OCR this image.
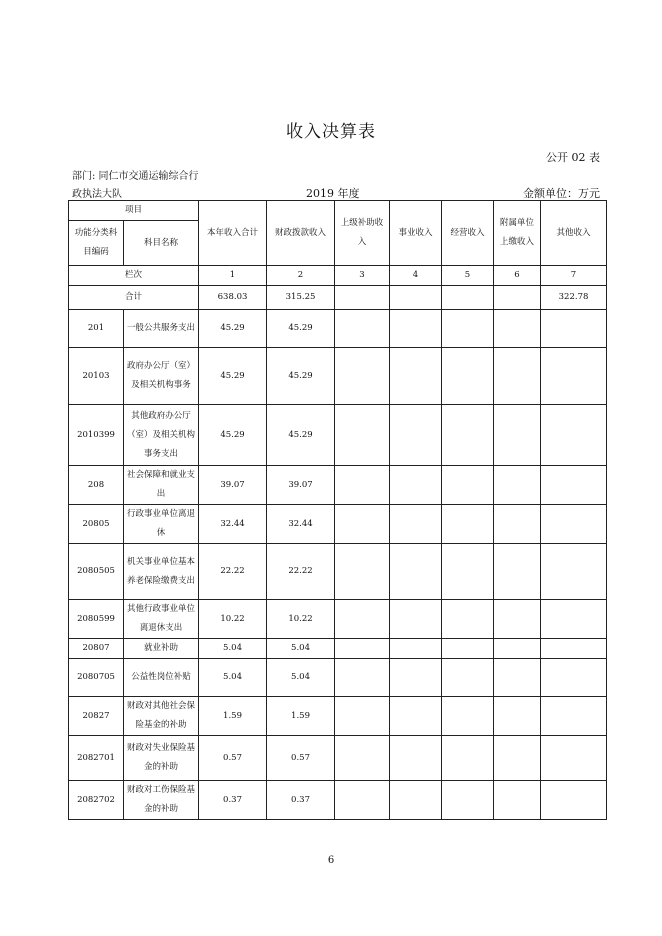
收入决算表
公开 02 表
部门: 同仁市交通运输综合行
政执法大队	2019 年度	金额单位：万元
项目		本年收入合计	财政拨款收入	上级补助收入	事业收入	经营收入	附属单位上缴收入	其他收入
功能分类科目编码	科目名称							
栏次		1	2	3	4	5	6	7
合计		638.03	315.25					322.78
201	一般公共服务支出	45.29	45.29					
20103	政府办公厅（室）及相关机构事务	45.29	45.29					
2010399	其他政府办公厅（室）及相关机构事务支出	45.29	45.29					
208	社会保障和就业支出	39.07	39.07					
20805	行政事业单位离退休	32.44	32.44					
2080505	机关事业单位基本养老保险缴费支出	22.22	22.22					
2080599	其他行政事业单位离退休支出	10.22	10.22					
20807	就业补助	5.04	5.04					
2080705	公益性岗位补贴	5.04	5.04					
20827	财政对其他社会保险基金的补助	1.59	1.59					
2082701	财政对失业保险基金的补助	0.57	0.57					
2082702	财政对工伤保险基金的补助	0.37	0.37					
6
